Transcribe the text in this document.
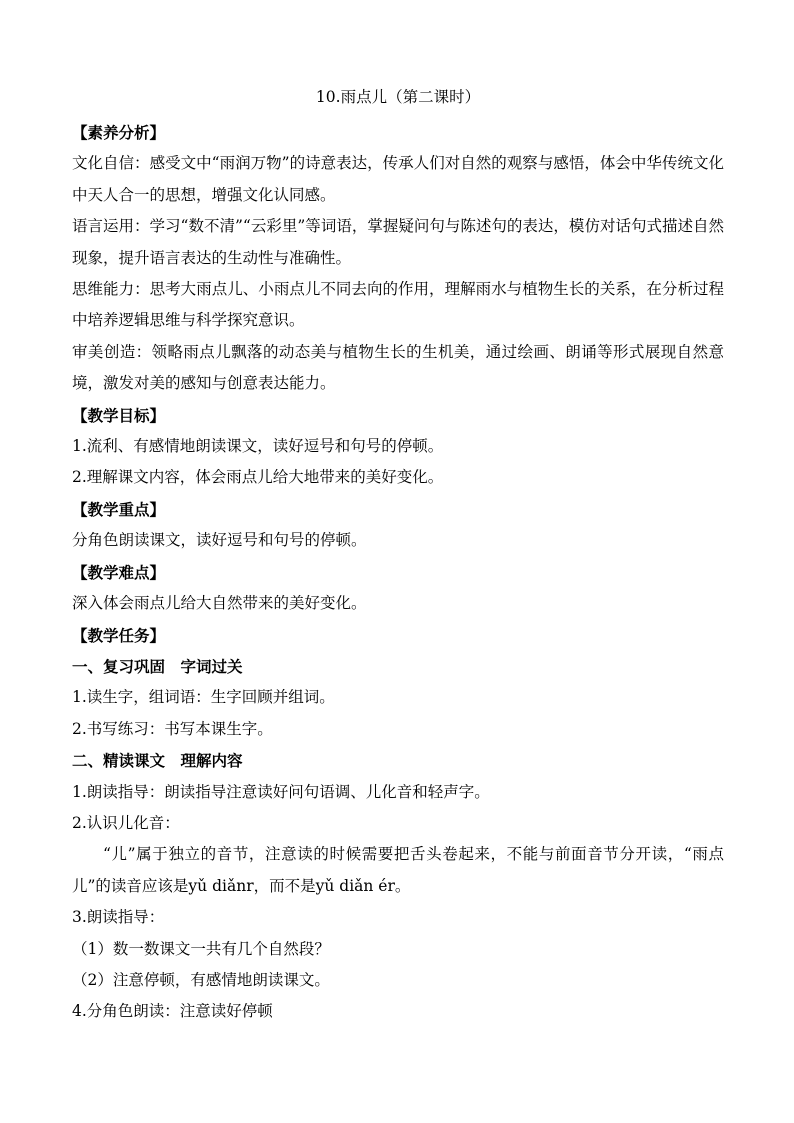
10.雨点儿（第二课时）

【素养分析】

文化自信：感受文中“雨润万物”的诗意表达，传承人们对自然的观察与感悟，体会中华传统文化中天人合一的思想，增强文化认同感。

语言运用：学习“数不清”“云彩里”等词语，掌握疑问句与陈述句的表达，模仿对话句式描述自然现象，提升语言表达的生动性与准确性。

思维能力：思考大雨点儿、小雨点儿不同去向的作用，理解雨水与植物生长的关系，在分析过程中培养逻辑思维与科学探究意识。

审美创造：领略雨点儿飘落的动态美与植物生长的生机美，通过绘画、朗诵等形式展现自然意境，激发对美的感知与创意表达能力。

【教学目标】

1.流利、有感情地朗读课文，读好逗号和句号的停顿。

2.理解课文内容，体会雨点儿给大地带来的美好变化。

【教学重点】

分角色朗读课文，读好逗号和句号的停顿。

【教学难点】

深入体会雨点儿给大自然带来的美好变化。

【教学任务】

一、复习巩固　字词过关

1.读生字，组词语：生字回顾并组词。

2.书写练习：书写本课生字。

二、精读课文　理解内容

1.朗读指导：朗读指导注意读好问句语调、儿化音和轻声字。

2.认识儿化音：

“儿”属于独立的音节，注意读的时候需要把舌头卷起来，不能与前面音节分开读，“雨点儿”的读音应该是yǔ diǎnr，而不是yǔ diǎn ér。

3.朗读指导：

（1）数一数课文一共有几个自然段？

（2）注意停顿，有感情地朗读课文。

4.分角色朗读：注意读好停顿
